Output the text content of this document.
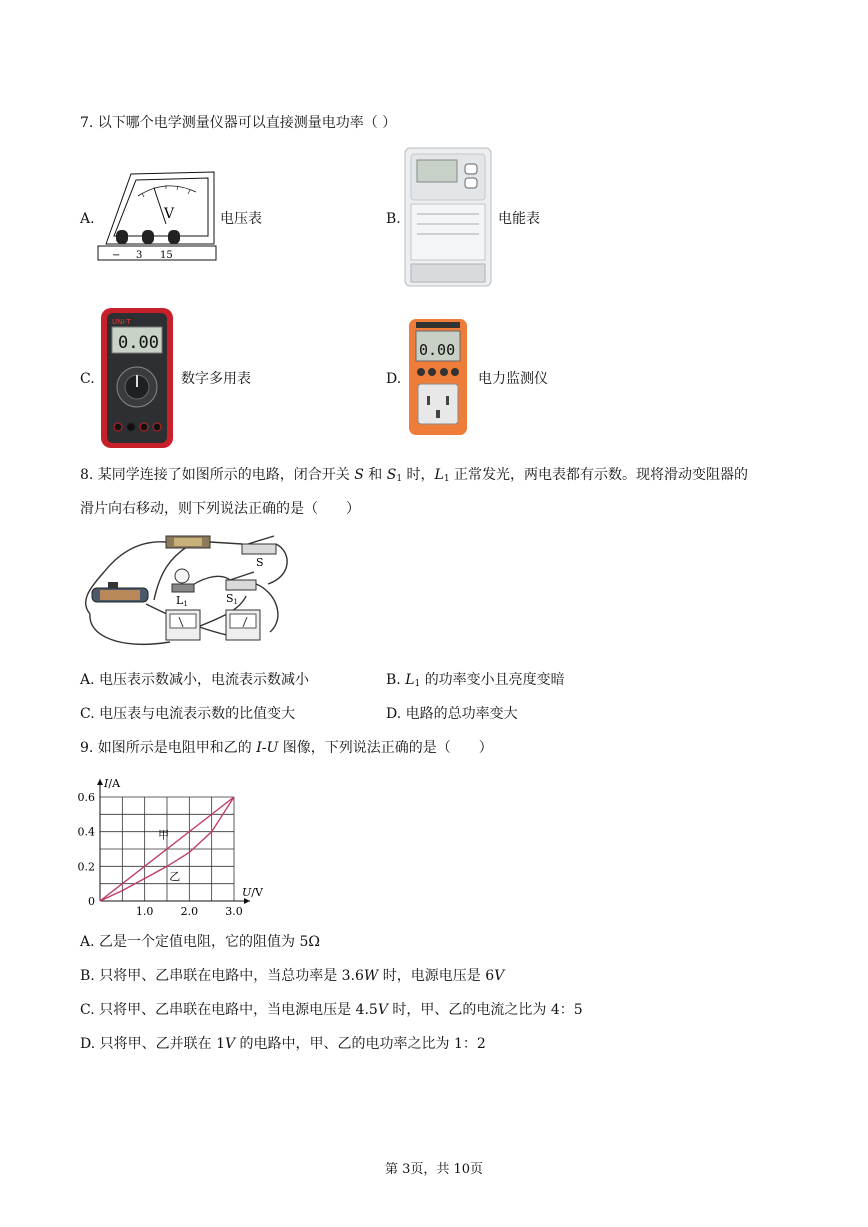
7. 以下哪个电学测量仪器可以直接测量电功率（ ）
A.	V
− 3 15
电压表	B.	电能表
C.
UNI-T
0.00
数字多用表	D.
0.00
电力监测仪
8. 某同学连接了如图所示的电路，闭合开关 S 和 $S_1$ 时，$L_1$ 正常发光，两电表都有示数。现将滑动变阻器的
滑片向右移动，则下列说法正确的是（　　）
S
L1	S1
A. 电压表示数减小，电流表示数减小	B. $L_1$ 的功率变小且亮度变暗
C. 电压表与电流表示数的比值变大	D. 电路的总功率变大
9. 如图所示是电阻甲和乙的 I-U 图像，下列说法正确的是（　　）
甲
乙
1.0 2.0 3.0
0.2
0.4
0.6
0
U/V
I/A
A. 乙是一个定值电阻，它的阻值为 5Ω
B. 只将甲、乙串联在电路中，当总功率是 3.6W 时，电源电压是 6V
C. 只将甲、乙串联在电路中，当电源电压是 4.5V 时，甲、乙的电流之比为 4：5
D. 只将甲、乙并联在 1V 的电路中，甲、乙的电功率之比为 1：2
第 3页，共 10页
